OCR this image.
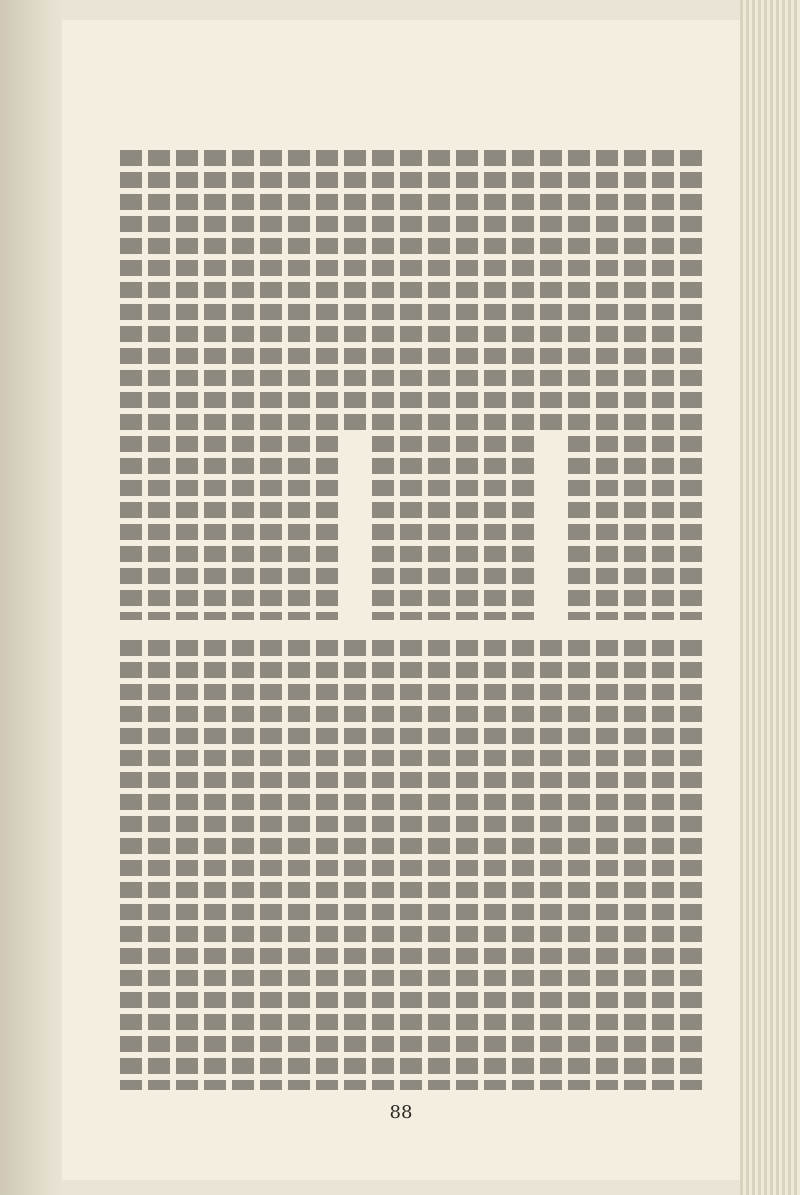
88
